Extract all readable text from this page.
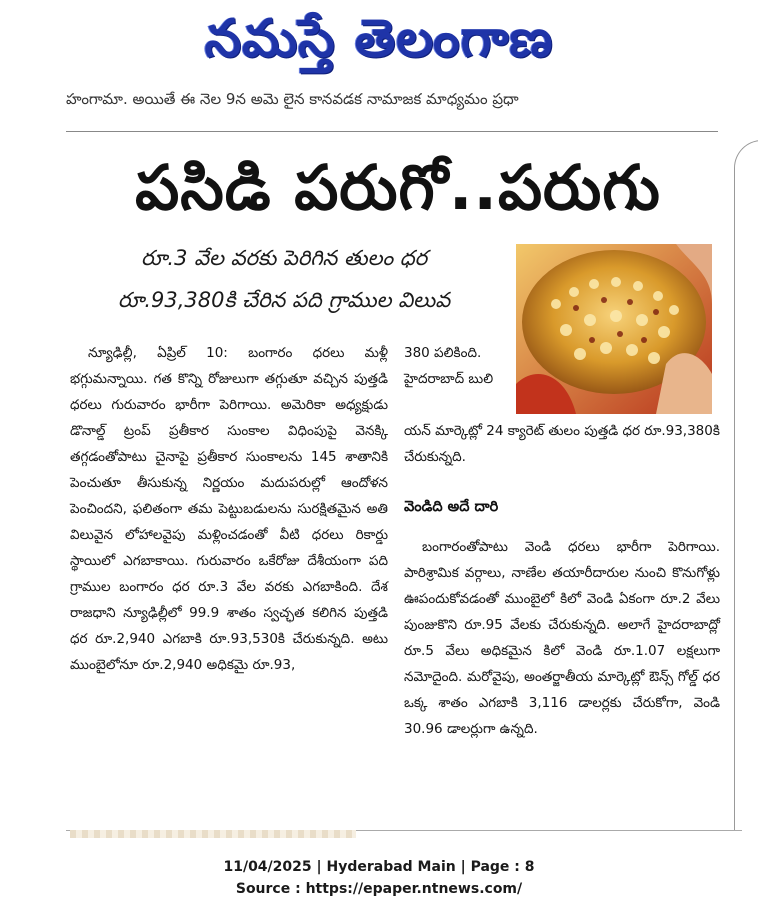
నమస్తే తెలంగాణ
హంగామా. అయితే ఈ నెల 9న అమె లైన కానవడక నామాజక మాధ్యమం ప్రధా
పసిడి పరుగో..పరుగు
రూ.3 వేల వరకు పెరిగిన తులం ధర
రూ.93,380కి చేరిన పది గ్రాముల విలువ

న్యూఢిల్లీ, ఏప్రిల్ 10: బంగారం ధరలు మళ్లీ భగ్గుమన్నాయి. గత కొన్ని రోజులుగా తగ్గుతూ వచ్చిన పుత్తడి ధరలు గురువారం భారీగా పెరిగాయి. అమెరికా అధ్యక్షుడు డొనాల్డ్ ట్రంప్ ప్రతీకార సుంకాల విధింపుపై వెనక్కి తగ్గడంతోపాటు చైనాపై ప్రతీకార సుంకాలను 145 శాతానికి పెంచుతూ తీసుకున్న నిర్ణయం మదుపరుల్లో ఆందోళన పెంచిందని, ఫలితంగా తమ పెట్టుబడులను సురక్షితమైన అతి విలువైన లోహాలవైపు మళ్లించడంతో వీటి ధరలు రికార్డు స్థాయిలో ఎగబాకాయి. గురువారం ఒకేరోజు దేశీయంగా పది గ్రాముల బంగారం ధర రూ.3 వేల వరకు ఎగబాకింది. దేశ రాజధాని న్యూఢిల్లీలో 99.9 శాతం స్వచ్ఛత కలిగిన పుత్తడి ధర రూ.2,940 ఎగబాకి రూ.93,530కి చేరుకున్నది. అటు ముంబైలోనూ రూ.2,940 అధికమై రూ.93,

380 పలికింది. హైదరాబాద్ బులి

యన్ మార్కెట్లో 24 క్యారెట్ తులం పుత్తడి ధర రూ.93,380కి చేరుకున్నది.

వెండిది అదే దారి

బంగారంతోపాటు వెండి ధరలు భారీగా పెరిగాయి. పారిశ్రామిక వర్గాలు, నాణేల తయారీదారుల నుంచి కొనుగోళ్లు ఊపందుకోవడంతో ముంబైలో కిలో వెండి ఏకంగా రూ.2 వేలు పుంజుకొని రూ.95 వేలకు చేరుకున్నది. అలాగే హైదరాబాద్లో రూ.5 వేలు అధికమైన కిలో వెండి రూ.1.07 లక్షలుగా నమోదైంది. మరోవైపు, అంతర్జాతీయ మార్కెట్లో ఔన్స్ గోల్డ్ ధర ఒక్క శాతం ఎగబాకి 3,116 డాలర్లకు చేరుకోగా, వెండి 30.96 డాలర్లుగా ఉన్నది.

11/04/2025 | Hyderabad Main | Page : 8
Source : https://epaper.ntnews.com/
